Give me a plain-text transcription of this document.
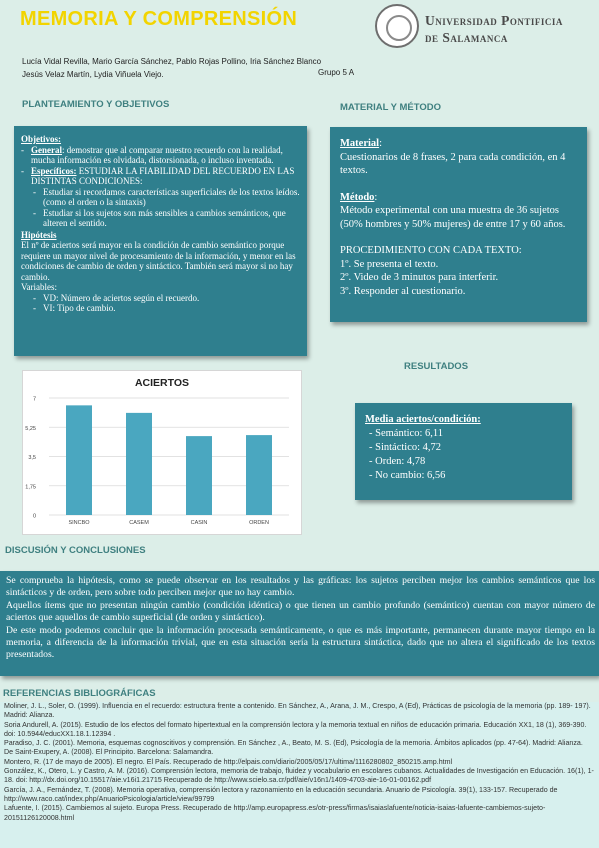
MEMORIA Y COMPRENSIÓN	Universidad Pontificia
de Salamanca
Lucía Vidal Revilla, Mario García Sánchez, Pablo Rojas Pollino, Iria Sánchez Blanco
Jesús Velaz Martín, Lydia Viñuela Viejo.	Grupo 5 A
PLANTEAMIENTO Y OBJETIVOS	MATERIAL Y MÉTODO
Objetivos:
- General: demostrar que al comparar nuestro recuerdo con la realidad, mucha información es olvidada, distorsionada, o incluso inventada.
- Específicos: ESTUDIAR LA FIABILIDAD DEL RECUERDO EN LAS DISTINTAS CONDICIONES:
- Estudiar si recordamos características superficiales de los textos leídos. (como el orden o la sintaxis)
- Estudiar si los sujetos son más sensibles a cambios semánticos, que alteren el sentido.
Hipótesis
El nº de aciertos será mayor en la condición de cambio semántico porque requiere un mayor nivel de procesamiento de la información, y menor en las condiciones de cambio de orden y sintáctico. También será mayor si no hay cambio.
Variables:
- VD: Número de aciertos según el recuerdo.
- VI: Tipo de cambio.
Material:
Cuestionarios de 8 frases, 2 para cada condición, en 4 textos.
Método:
Método experimental con una muestra de 36 sujetos (50% hombres y 50% mujeres) de entre 17 y 60 años.
PROCEDIMIENTO CON CADA TEXTO:
1º. Se presenta el texto.
2º. Video de 3 minutos para interferir.
3º. Responder al cuestionario.
RESULTADOS
ACIERTOS
0
1,75
3,5
5,25
7
SINCBO	CASEM	CASIN	ORDEN
Media aciertos/condición:
- Semántico: 6,11
- Sintáctico: 4,72
- Orden: 4,78
- No cambio: 6,56
DISCUSIÓN Y CONCLUSIONES

Se comprueba la hipótesis, como se puede observar en los resultados y las gráficas: los sujetos perciben mejor los cambios semánticos que los sintácticos y de orden, pero sobre todo perciben mejor que no hay cambio.

Aquellos ítems que no presentan ningún cambio (condición idéntica) o que tienen un cambio profundo (semántico) cuentan con mayor número de aciertos que aquellos de cambio superficial (de orden y sintáctico).

De este modo podemos concluir que la información procesada semánticamente, o que es más importante, permanecen durante mayor tiempo en la memoria, a diferencia de la información trivial, que en esta situación sería la estructura sintáctica, dado que no altera el significado de los textos presentados.

REFERENCIAS BIBLIOGRÁFICAS

Moliner, J. L., Soler, O. (1999). Influencia en el recuerdo: estructura frente a contenido. En Sánchez, A., Arana, J. M., Crespo, A (Ed), Prácticas de psicología de la memoria (pp. 189- 197). Madrid: Alianza.

Soria Andurell, A. (2015). Estudio de los efectos del formato hipertextual en la comprensión lectora y la memoria textual en niños de educación primaria. Educación XX1, 18 (1), 369-390. doi: 10.5944/educXX1.18.1.12394 .

Paradiso, J. C. (2001). Memoria, esquemas cognoscitivos y comprensión. En Sánchez , A., Beato, M. S. (Ed), Psicología de la memoria. Ámbitos aplicados (pp. 47-64). Madrid: Alianza.

De Saint-Exupery, A. (2008). El Principito. Barcelona: Salamandra.

Montero, R. (17 de mayo de 2005). El negro. El País. Recuperado de http://elpais.com/diario/2005/05/17/ultima/1116280802_850215.amp.html

González, K., Otero, L. y Castro, A. M. (2016). Comprensión lectora, memoria de trabajo, fluidez y vocabulario en escolares cubanos. Actualidades de Investigación en Educación. 16(1), 1-18. doi: http://dx.doi.org/10.15517/aie.v16i1.21715 Recuperado de http://www.scielo.sa.cr/pdf/aie/v16n1/1409-4703-aie-16-01-00162.pdf

García, J. A., Fernández, T. (2008). Memoria operativa, comprensión lectora y razonamiento en la educación secundaria. Anuario de Psicología. 39(1), 133-157. Recuperado de http://www.raco.cat/index.php/AnuarioPsicologia/article/view/99799

Lafuente, I. (2015). Cambiemos al sujeto. Europa Press. Recuperado de http://amp.europapress.es/otr-press/firmas/isaiaslafuente/noticia-isaias-lafuente-cambiemos-sujeto-20151126120008.html
